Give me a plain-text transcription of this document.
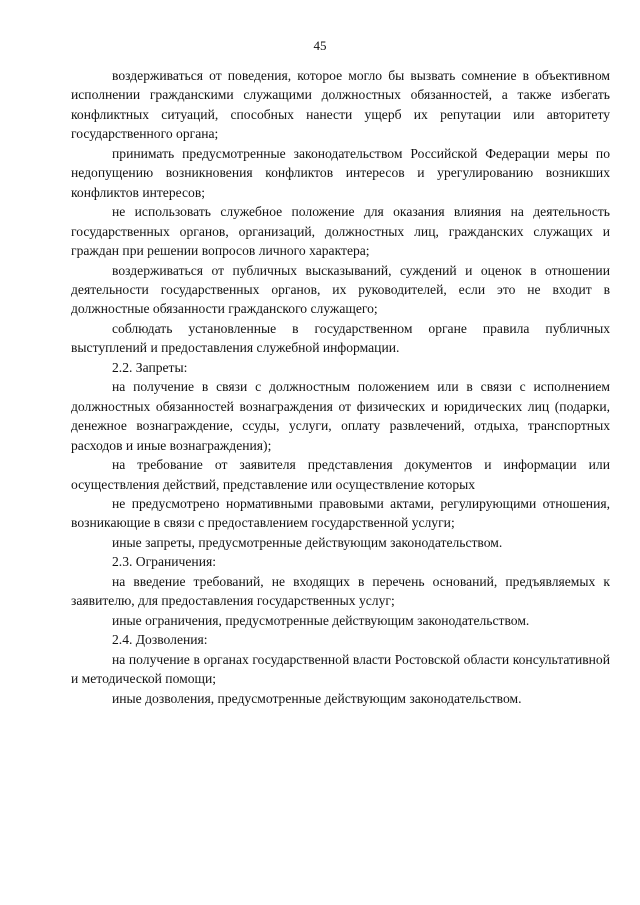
45

воздерживаться от поведения, которое могло бы вызвать сомнение в объективном исполнении гражданскими служащими должностных обязанностей, а также избегать конфликтных ситуаций, способных нанести ущерб их репутации или авторитету государственного органа;

принимать предусмотренные законодательством Российской Федерации меры по недопущению возникновения конфликтов интересов и урегулированию возникших конфликтов интересов;

не использовать служебное положение для оказания влияния на деятельность государственных органов, организаций, должностных лиц, гражданских служащих и граждан при решении вопросов личного характера;

воздерживаться от публичных высказываний, суждений и оценок в отношении деятельности государственных органов, их руководителей, если это не входит в должностные обязанности гражданского служащего;

соблюдать установленные в государственном органе правила публичных выступлений и предоставления служебной информации.

2.2. Запреты:

на получение в связи с должностным положением или в связи с исполнением должностных обязанностей вознаграждения от физических и юридических лиц (подарки, денежное вознаграждение, ссуды, услуги, оплату развлечений, отдыха, транспортных расходов и иные вознаграждения);

на требование от заявителя представления документов и информации или осуществления действий, представление или осуществление которых

не предусмотрено нормативными правовыми актами, регулирующими отношения, возникающие в связи с предоставлением государственной услуги;

иные запреты, предусмотренные действующим законодательством.

2.3. Ограничения:

на введение требований, не входящих в перечень оснований, предъявляемых к заявителю, для предоставления государственных услуг;

иные ограничения, предусмотренные действующим законодательством.

2.4. Дозволения:

на получение в органах государственной власти Ростовской области консультативной и методической помощи;

иные дозволения, предусмотренные действующим законодательством.
